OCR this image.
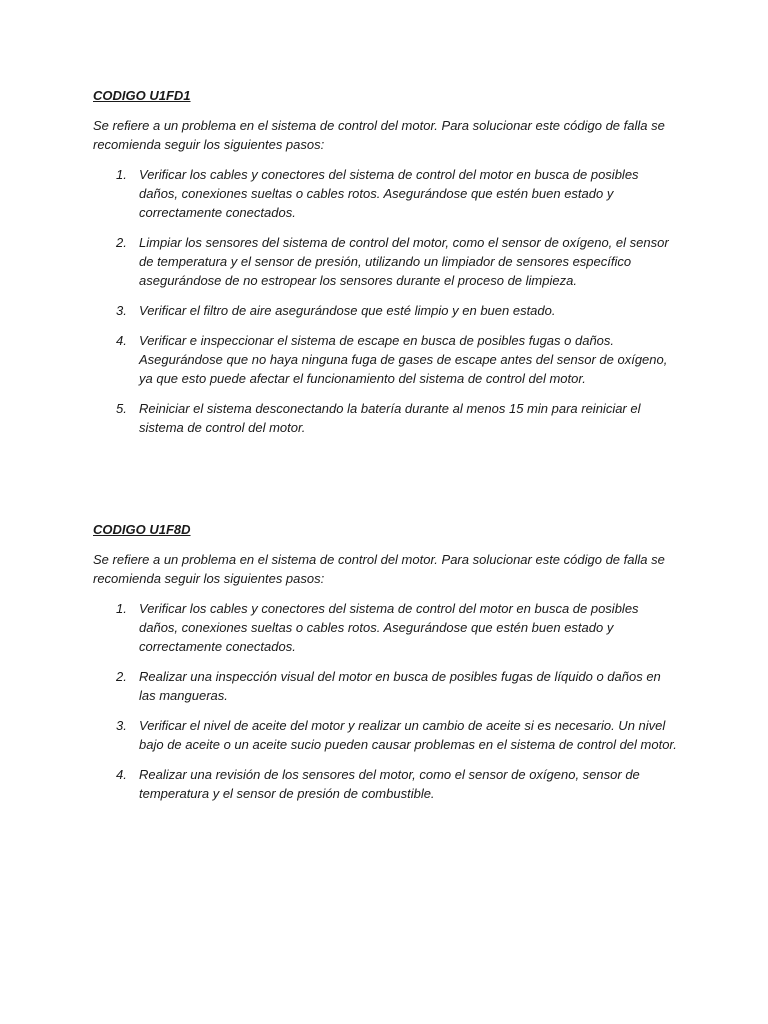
CODIGO U1FD1

Se refiere a un problema en el sistema de control del motor. Para solucionar este código de falla se recomienda seguir los siguientes pasos:

1. Verificar los cables y conectores del sistema de control del motor en busca de posibles daños, conexiones sueltas o cables rotos. Asegurándose que estén buen estado y correctamente conectados.
2. Limpiar los sensores del sistema de control del motor, como el sensor de oxígeno, el sensor de temperatura y el sensor de presión, utilizando un limpiador de sensores específico asegurándose de no estropear los sensores durante el proceso de limpieza.
3. Verificar el filtro de aire asegurándose que esté limpio y en buen estado.
4. Verificar e inspeccionar el sistema de escape en busca de posibles fugas o daños. Asegurándose que no haya ninguna fuga de gases de escape antes del sensor de oxígeno, ya que esto puede afectar el funcionamiento del sistema de control del motor.
5. Reiniciar el sistema desconectando la batería durante al menos 15 min para reiniciar el sistema de control del motor.

CODIGO U1F8D

Se refiere a un problema en el sistema de control del motor. Para solucionar este código de falla se recomienda seguir los siguientes pasos:

1. Verificar los cables y conectores del sistema de control del motor en busca de posibles daños, conexiones sueltas o cables rotos. Asegurándose que estén buen estado y correctamente conectados.
2. Realizar una inspección visual del motor en busca de posibles fugas de líquido o daños en las mangueras.
3. Verificar el nivel de aceite del motor y realizar un cambio de aceite si es necesario. Un nivel bajo de aceite o un aceite sucio pueden causar problemas en el sistema de control del motor.
4. Realizar una revisión de los sensores del motor, como el sensor de oxígeno, sensor de temperatura y el sensor de presión de combustible.
